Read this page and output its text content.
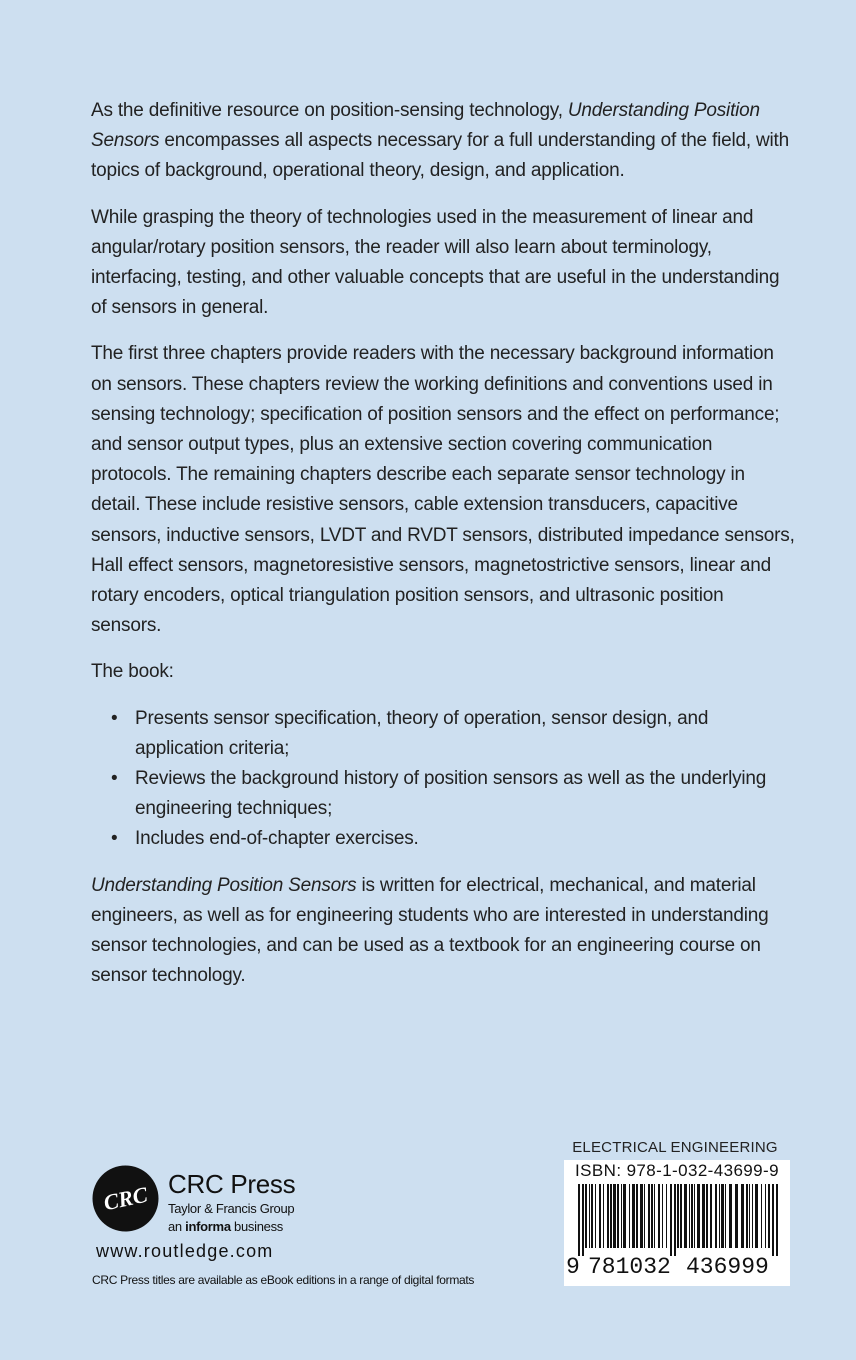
As the definitive resource on position-sensing technology, Understanding Position Sensors encompasses all aspects necessary for a full understanding of the field, with topics of background, operational theory, design, and application.

While grasping the theory of technologies used in the measurement of linear and angular/rotary position sensors, the reader will also learn about terminology, interfacing, testing, and other valuable concepts that are useful in the understanding of sensors in general.

The first three chapters provide readers with the necessary background information on sensors. These chapters review the working definitions and conventions used in sensing technology; specification of position sensors and the effect on performance; and sensor output types, plus an extensive section covering communication protocols. The remaining chapters describe each separate sensor technology in detail. These include resistive sensors, cable extension transducers, capacitive sensors, inductive sensors, LVDT and RVDT sensors, distributed impedance sensors, Hall effect sensors, magnetoresistive sensors, magnetostrictive sensors, linear and rotary encoders, optical triangulation position sensors, and ultrasonic position sensors.

The book:

• Presents sensor specification, theory of operation, sensor design, and application criteria;
• Reviews the background history of position sensors as well as the underlying engineering techniques;
• Includes end-of-chapter exercises.

Understanding Position Sensors is written for electrical, mechanical, and material engineers, as well as for engineering students who are interested in understanding sensor technologies, and can be used as a textbook for an engineering course on sensor technology.

CRC CRC Press
Taylor & Francis Group
an informa business
www.routledge.com
CRC Press titles are available as eBook editions in a range of digital formats
ELECTRICAL ENGINEERING
ISBN: 978-1-032-43699-9
9 781032 436999
